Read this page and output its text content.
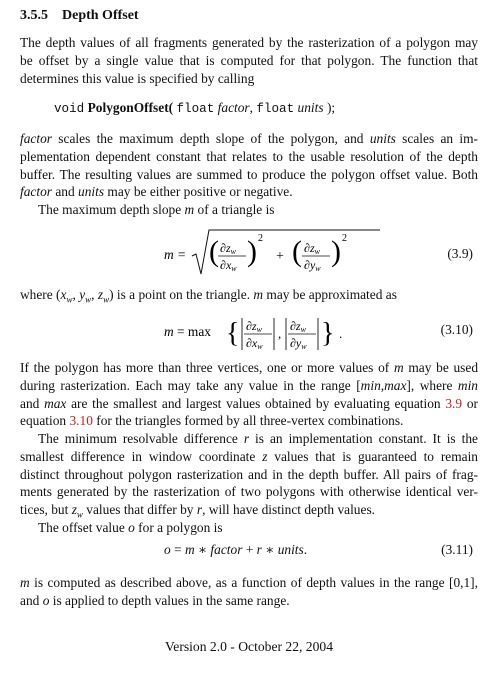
3.5.5 Depth Offset
The depth values of all fragments generated by the rasterization of a polygon may
be offset by a single value that is computed for that polygon. The function that
determines this value is specified by calling
void PolygonOffset( float factor, float units );
factor scales the maximum depth slope of the polygon, and units scales an im-
plementation dependent constant that relates to the usable resolution of the depth
buffer. The resulting values are summed to produce the polygon offset value. Both
factor and units may be either positive or negative.
The maximum depth slope m of a triangle is
m = ( ∂zw
∂xw
) 2
+ ( ∂zw
∂yw
) 2
(3.9)
where ($x_w$, $y_w$, $z_w$) is a point on the triangle. m may be approximated as
m = max { ∂zw
∂xw
, ∂zw
∂yw } .	(3.10)
If the polygon has more than three vertices, one or more values of m may be used
during rasterization. Each may take any value in the range [min,max], where min
and max are the smallest and largest values obtained by evaluating equation 3.9 or
equation 3.10 for the triangles formed by all three-vertex combinations.
The minimum resolvable difference r is an implementation constant. It is the
smallest difference in window coordinate z values that is guaranteed to remain
distinct throughout polygon rasterization and in the depth buffer. All pairs of frag-
ments generated by the rasterization of two polygons with otherwise identical ver-
tices, but $z_w$ values that differ by r, will have distinct depth values.
The offset value o for a polygon is
o = m ∗ factor + r ∗ units.	(3.11)
m is computed as described above, as a function of depth values in the range [0,1],
and o is applied to depth values in the same range.
Version 2.0 - October 22, 2004
